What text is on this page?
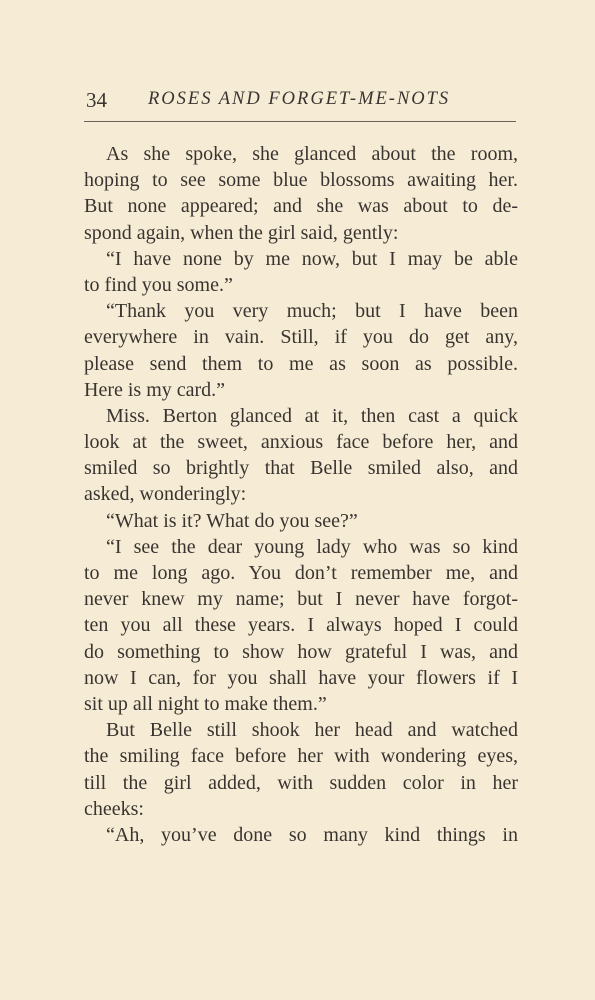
34 ROSES AND FORGET-ME-NOTS
As she spoke, she glanced about the room,
hoping to see some blue blossoms awaiting her.
But none appeared; and she was about to de-
spond again, when the girl said, gently:
“I have none by me now, but I may be able
to find you some.”
“Thank you very much; but I have been
everywhere in vain. Still, if you do get any,
please send them to me as soon as possible.
Here is my card.”
Miss. Berton glanced at it, then cast a quick
look at the sweet, anxious face before her, and
smiled so brightly that Belle smiled also, and
asked, wonderingly:
“What is it? What do you see?”
“I see the dear young lady who was so kind
to me long ago. You don’t remember me, and
never knew my name; but I never have forgot-
ten you all these years. I always hoped I could
do something to show how grateful I was, and
now I can, for you shall have your flowers if I
sit up all night to make them.”
But Belle still shook her head and watched
the smiling face before her with wondering eyes,
till the girl added, with sudden color in her
cheeks:
“Ah, you’ve done so many kind things in
